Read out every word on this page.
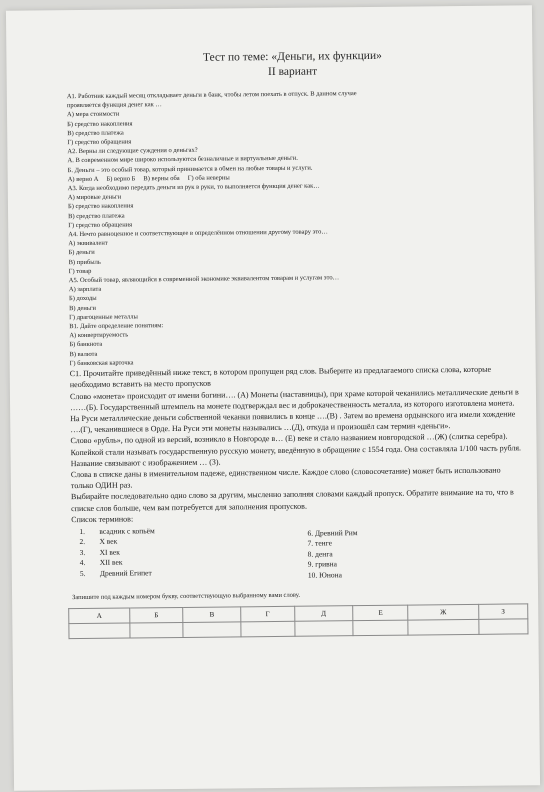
Тест по теме: «Деньги, их функции»
II вариант
А1. Работник каждый месяц откладывает деньги в банк, чтобы летом поехать в отпуск. В данном случае
проявляется функция денег как …
А) мера стоимости
Б) средство накопления
В) средство платежа
Г) средство обращения
А2. Верны ли следующие суждения о деньгах?
А. В современном мире широко используются безналичные и виртуальные деньги.
Б. Деньги – это особый товар, который принимается в обмен на любые товары и услуги.
А) верно А     Б) верно Б     В) верны оба     Г) оба неверны
А3. Когда необходимо передать деньги из рук в руки, то выполняется функция денег как…
А) мировые деньги
Б) средство накопления
В) средство платежа
Г) средство обращения
А4. Нечто равноценное и соответствующее в определённом отношении другому товару это…
А) эквивалент
Б) деньги
В) прибыль
Г) товар
А5. Особый товар, являющийся в современной экономике эквивалентом товарам и услугам это…
А) зарплата
Б) доходы
В) деньги
Г) драгоценные металлы
В1. Дайте определение понятиям:
А) конвертируемость
Б) банкнота
В) валюта
Г) банковская карточка
С1. Прочитайте приведённый ниже текст, в котором пропущен ряд слов. Выберите из предлагаемого списка слова, которые необходимо вставить на место пропусков
Слово «монета» происходит от имени богини…. (А) Монеты (наставницы), при храме которой чеканились металлические деньги в ……(Б). Государственный штемпель на монете подтверждал вес и доброкачественность металла, из которого изготовлена монета.
На Руси металлические деньги собственной чеканки появились в конце ….(В) . Затем во времена ордынского ига имели хождение ….(Г), чеканившиеся в Орде. На Руси эти монеты назывались …(Д), откуда и произошёл сам термин «деньги».
Слово «рубль», по одной из версий, возникло в Новгороде в… (Е) веке и стало названием новгородской …(Ж) (слитка серебра).
Копейкой стали называть государственную русскую монету, введённую в обращение с 1554 года. Она составляла 1/100 часть рубля. Название связывают с изображением … (З).
Слова в списке даны в именительном падеже, единственном числе. Каждое слово (словосочетание) может быть использовано только ОДИН раз.
Выбирайте последовательно одно слово за другим, мысленно заполняя словами каждый пропуск. Обратите внимание на то, что в списке слов больше, чем вам потребуется для заполнения пропусков.
Список терминов:
1.	всадник с копьём
2.	Х век
3.	ХI век
4.	ХII век
5.	Древний Египет
6. Древний Рим
7. тенге
8. денга
9. гривна
10. Юнона
Запишите под каждым номером букву, соответствующую выбранному вами слову.
А	Б	В	Г	Д	Е	Ж	З
